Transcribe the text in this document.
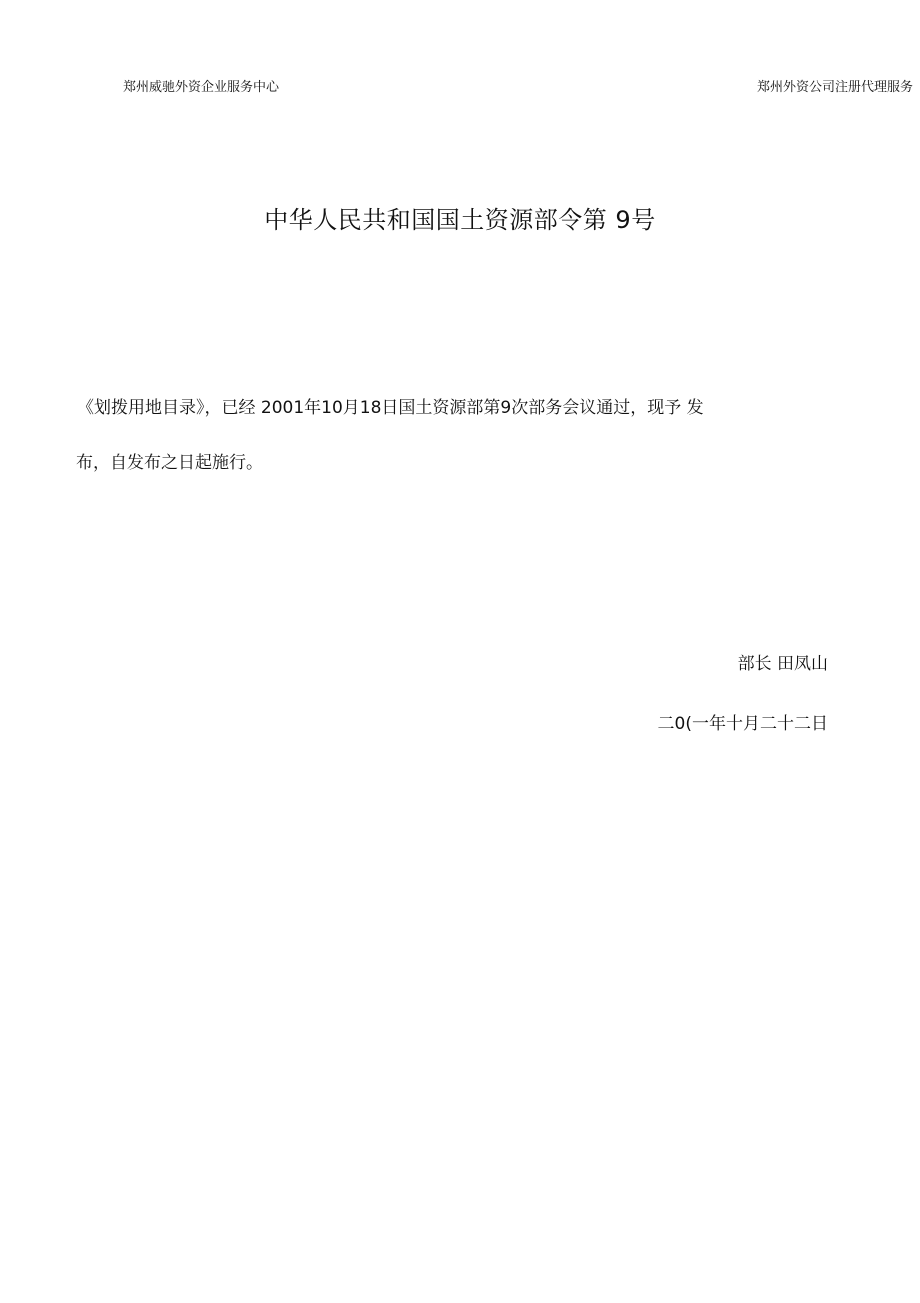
郑州威驰外资企业服务中心	郑州外资公司注册代理服务
中华人民共和国国土资源部令第 9号

《划拨用地目录》，已经 2001年10月18日国土资源部第9次部务会议通过，现予 发
布，自发布之日起施行。

部长 田凤山
二0(一年十月二十二日
